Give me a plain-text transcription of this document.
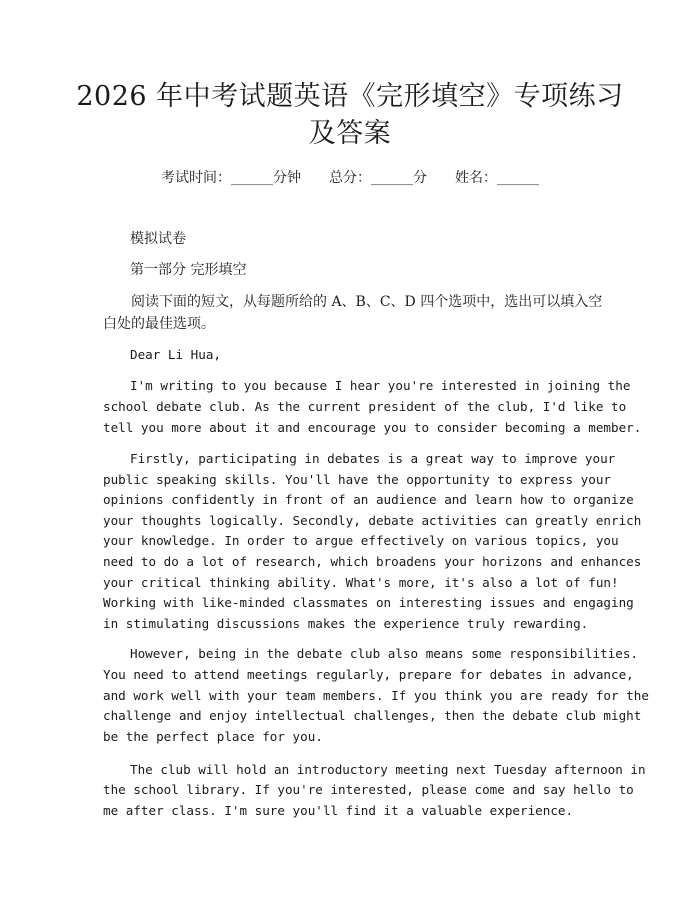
2026 年中考试题英语《完形填空》专项练习
及答案
考试时间：______分钟 总分：______分 姓名：______
模拟试卷
第一部分 完形填空
阅读下面的短文，从每题所给的 A、B、C、D 四个选项中，选出可以填入空白处的最佳选项。
Dear Li Hua,
I'm writing to you because I hear you're interested in joining the
school debate club. As the current president of the club, I'd like to
tell you more about it and encourage you to consider becoming a member.
Firstly, participating in debates is a great way to improve your
public speaking skills. You'll have the opportunity to express your
opinions confidently in front of an audience and learn how to organize
your thoughts logically. Secondly, debate activities can greatly enrich
your knowledge. In order to argue effectively on various topics, you
need to do a lot of research, which broadens your horizons and enhances
your critical thinking ability. What's more, it's also a lot of fun!
Working with like-minded classmates on interesting issues and engaging
in stimulating discussions makes the experience truly rewarding.
However, being in the debate club also means some responsibilities.
You need to attend meetings regularly, prepare for debates in advance,
and work well with your team members. If you think you are ready for the
challenge and enjoy intellectual challenges, then the debate club might
be the perfect place for you.
The club will hold an introductory meeting next Tuesday afternoon in
the school library. If you're interested, please come and say hello to
me after class. I'm sure you'll find it a valuable experience.
